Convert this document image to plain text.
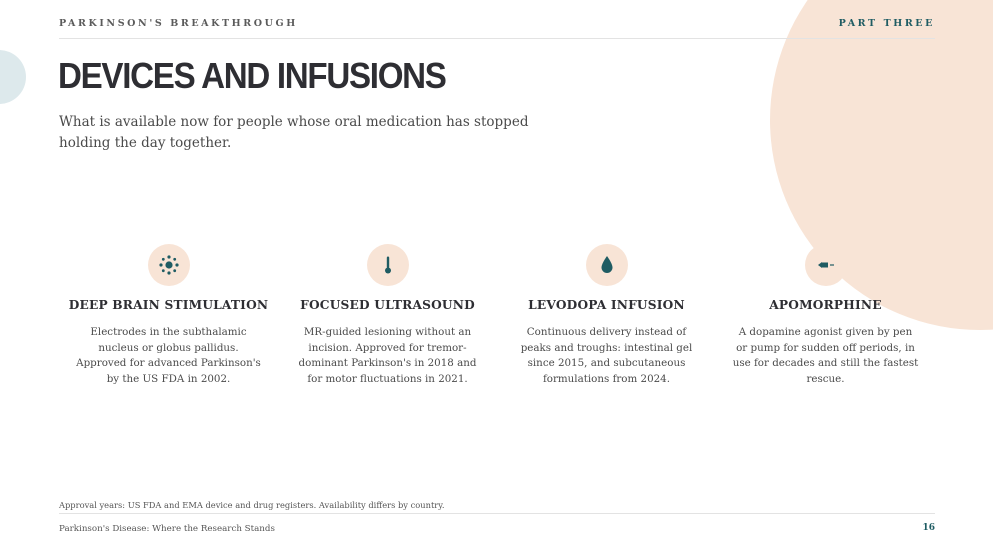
PARKINSON'S BREAKTHROUGH	PART THREE
DEVICES AND INFUSIONS

What is available now for people whose oral medication has stopped holding the day together.

DEEP BRAIN STIMULATION

Electrodes in the subthalamic nucleus or globus pallidus. Approved for advanced Parkinson's by the US FDA in 2002.

FOCUSED ULTRASOUND

MR-guided lesioning without an incision. Approved for tremor-dominant Parkinson's in 2018 and for motor fluctuations in 2021.

LEVODOPA INFUSION

Continuous delivery instead of peaks and troughs: intestinal gel since 2015, and subcutaneous formulations from 2024.

APOMORPHINE

A dopamine agonist given by pen or pump for sudden off periods, in use for decades and still the fastest rescue.

Approval years: US FDA and EMA device and drug registers. Availability differs by country.
Parkinson's Disease: Where the Research Stands	16
